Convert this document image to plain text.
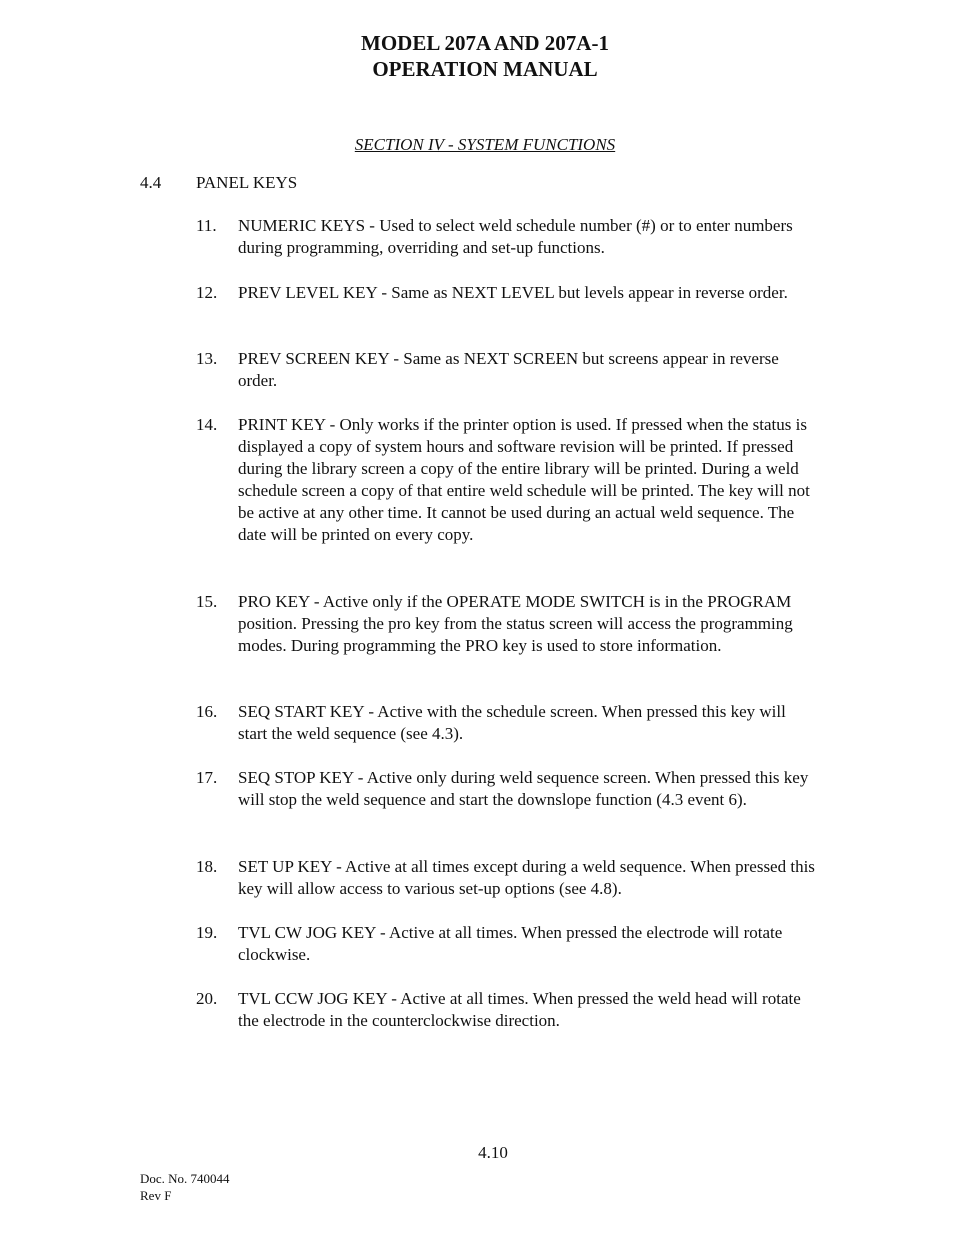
MODEL 207A AND 207A-1
OPERATION MANUAL
SECTION IV - SYSTEM FUNCTIONS
4.4 PANEL KEYS
11.	NUMERIC KEYS - Used to select weld schedule number (#) or to enter numbers during programming, overriding and set-up functions.
12.	PREV LEVEL KEY - Same as NEXT LEVEL but levels appear in reverse order.
13.	PREV SCREEN KEY - Same as NEXT SCREEN but screens appear in reverse order.
14.	PRINT KEY - Only works if the printer option is used. If pressed when the status is displayed a copy of system hours and software revision will be printed. If pressed during the library screen a copy of the entire library will be printed. During a weld schedule screen a copy of that entire weld schedule will be printed. The key will not be active at any other time. It cannot be used during an actual weld sequence. The date will be printed on every copy.
15.	PRO KEY - Active only if the OPERATE MODE SWITCH is in the PROGRAM position. Pressing the pro key from the status screen will access the programming modes. During programming the PRO key is used to store information.
16.	SEQ START KEY - Active with the schedule screen. When pressed this key will start the weld sequence (see 4.3).
17.	SEQ STOP KEY - Active only during weld sequence screen. When pressed this key will stop the weld sequence and start the downslope function (4.3 event 6).
18.	SET UP KEY - Active at all times except during a weld sequence. When pressed this key will allow access to various set-up options (see 4.8).
19.	TVL CW JOG KEY - Active at all times. When pressed the electrode will rotate clockwise.
20.	TVL CCW JOG KEY - Active at all times. When pressed the weld head will rotate the electrode in the counterclockwise direction.
4.10
Doc. No. 740044
Rev F
